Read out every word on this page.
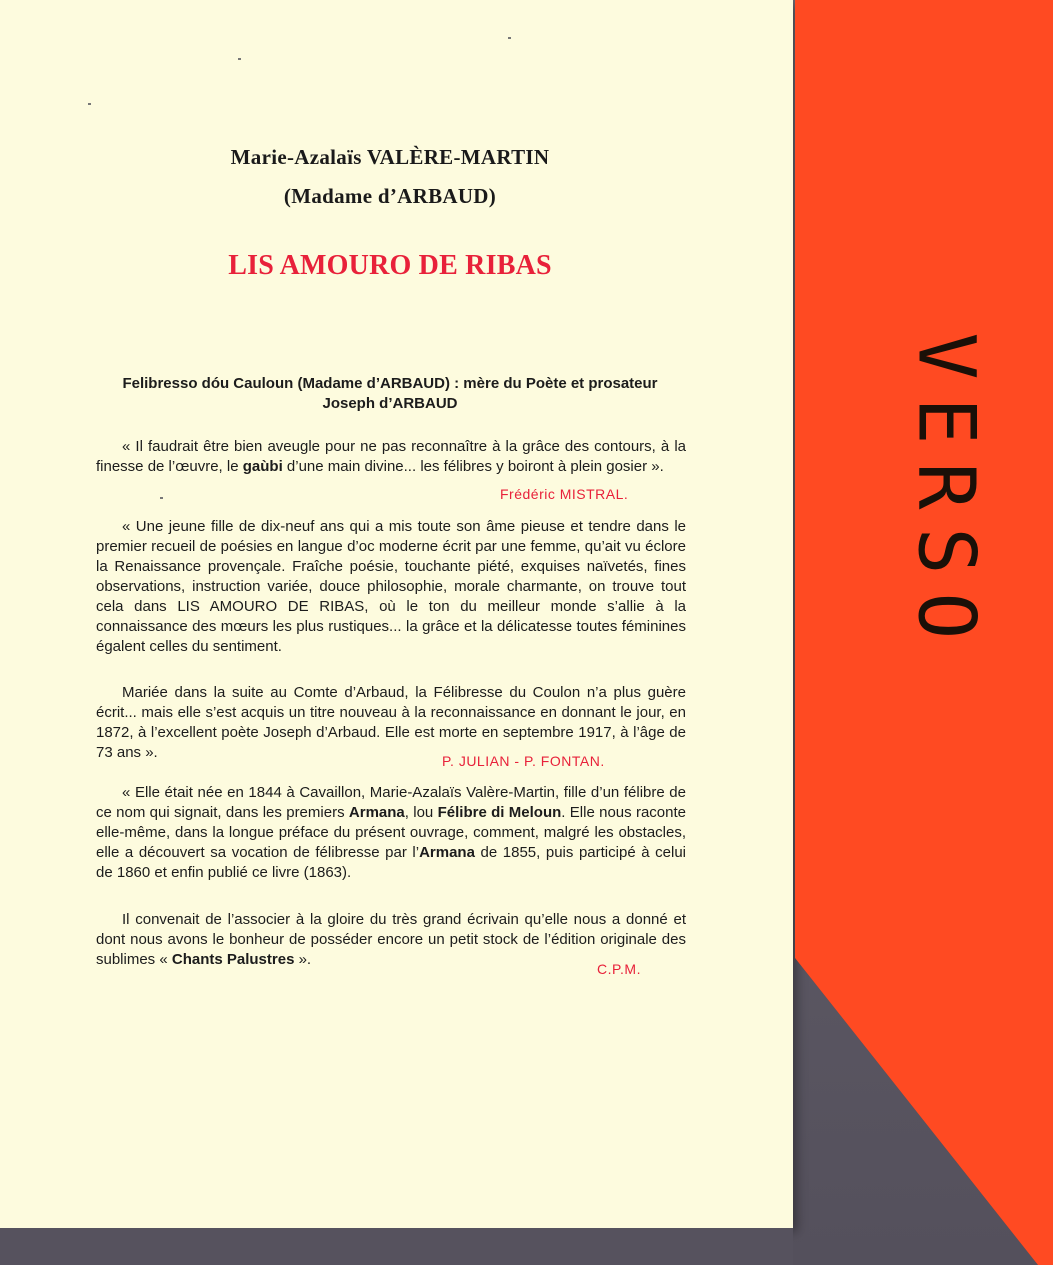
Marie-Azalaïs VALÈRE-MARTIN
(Madame d’ARBAUD)
LIS AMOURO DE RIBAS
Felibresso dóu Cauloun (Madame d’ARBAUD) : mère du Poète et prosateur Joseph d’ARBAUD

« Il faudrait être bien aveugle pour ne pas reconnaître à la grâce des contours, à la finesse de l’œuvre, le gaùbi d’une main divine... les félibres y boiront à plein gosier ».

Frédéric MISTRAL.

« Une jeune fille de dix-neuf ans qui a mis toute son âme pieuse et tendre dans le premier recueil de poésies en langue d’oc moderne écrit par une femme, qu’ait vu éclore la Renaissance provençale. Fraîche poésie, touchante piété, exquises naïvetés, fines observations, instruction variée, douce philosophie, morale charmante, on trouve tout cela dans LIS AMOURO DE RIBAS, où le ton du meilleur monde s’allie à la connaissance des mœurs les plus rustiques... la grâce et la délicatesse toutes féminines égalent celles du sentiment.

Mariée dans la suite au Comte d’Arbaud, la Félibresse du Coulon n’a plus guère écrit... mais elle s’est acquis un titre nouveau à la reconnaissance en donnant le jour, en 1872, à l’excellent poète Joseph d’Arbaud. Elle est morte en septembre 1917, à l’âge de 73 ans ».	P. JULIAN - P. FONTAN.

« Elle était née en 1844 à Cavaillon, Marie-Azalaïs Valère-Martin, fille d’un félibre de ce nom qui signait, dans les premiers Armana, lou Félibre di Meloun. Elle nous raconte elle-même, dans la longue préface du présent ouvrage, comment, malgré les obstacles, elle a découvert sa vocation de félibresse par l’Armana de 1855, puis participé à celui de 1860 et enfin publié ce livre (1863).

Il convenait de l’associer à la gloire du très grand écrivain qu’elle nous a donné et dont nous avons le bonheur de posséder encore un petit stock de l’édition originale des sublimes « Chants Palustres ».

C.P.M.
VERSO
